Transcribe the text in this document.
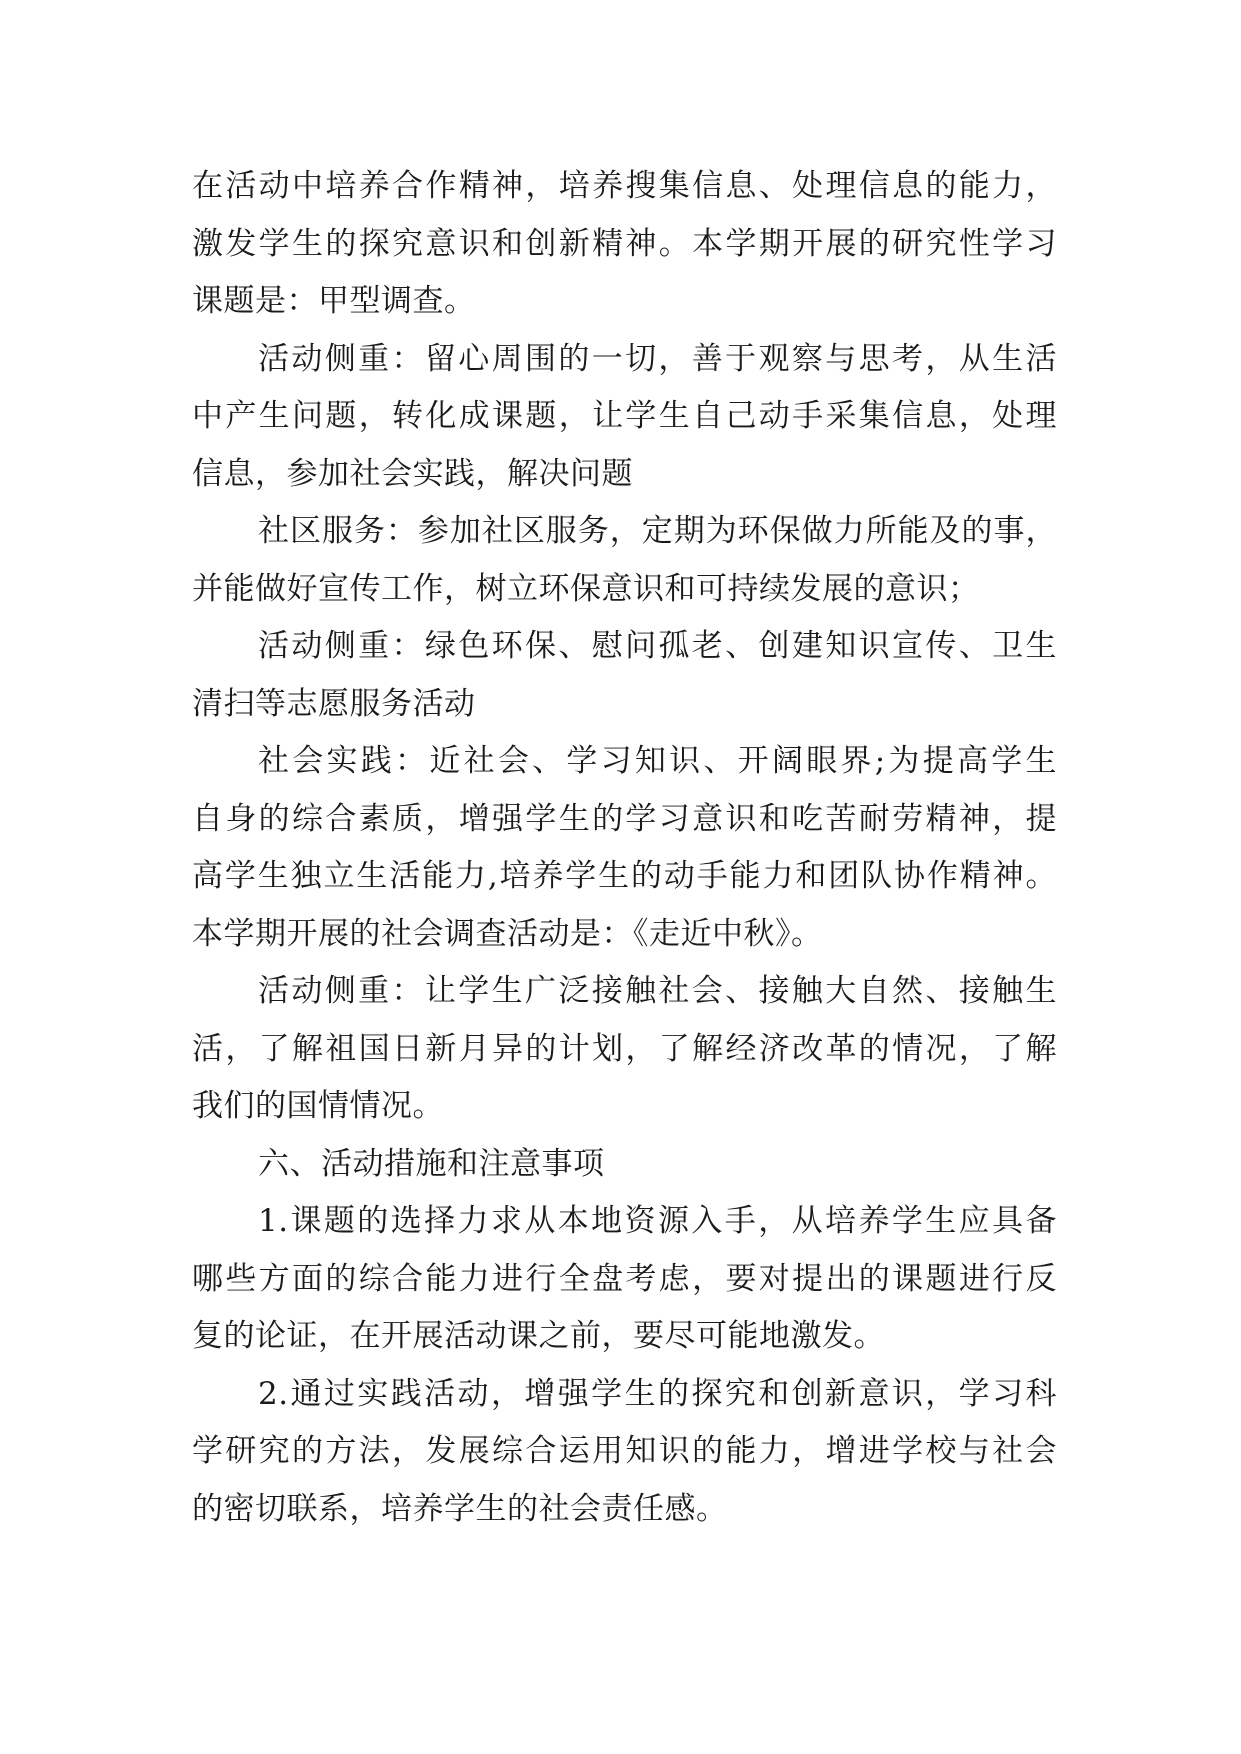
在活动中培养合作精神，培养搜集信息、处理信息的能力，
激发学生的探究意识和创新精神。本学期开展的研究性学习
课题是：甲型调查。
活动侧重：留心周围的一切，善于观察与思考，从生活
中产生问题，转化成课题，让学生自己动手采集信息，处理
信息，参加社会实践，解决问题
社区服务：参加社区服务，定期为环保做力所能及的事，
并能做好宣传工作，树立环保意识和可持续发展的意识；
活动侧重：绿色环保、慰问孤老、创建知识宣传、卫生
清扫等志愿服务活动
社会实践：近社会、学习知识、开阔眼界;为提高学生
自身的综合素质，增强学生的学习意识和吃苦耐劳精神，提
高学生独立生活能力,培养学生的动手能力和团队协作精神。
本学期开展的社会调查活动是：《走近中秋》。
活动侧重：让学生广泛接触社会、接触大自然、接触生
活，了解祖国日新月异的计划，了解经济改革的情况，了解
我们的国情情况。
六、活动措施和注意事项
1.课题的选择力求从本地资源入手，从培养学生应具备
哪些方面的综合能力进行全盘考虑，要对提出的课题进行反
复的论证，在开展活动课之前，要尽可能地激发。
2.通过实践活动，增强学生的探究和创新意识，学习科
学研究的方法，发展综合运用知识的能力，增进学校与社会
的密切联系，培养学生的社会责任感。
